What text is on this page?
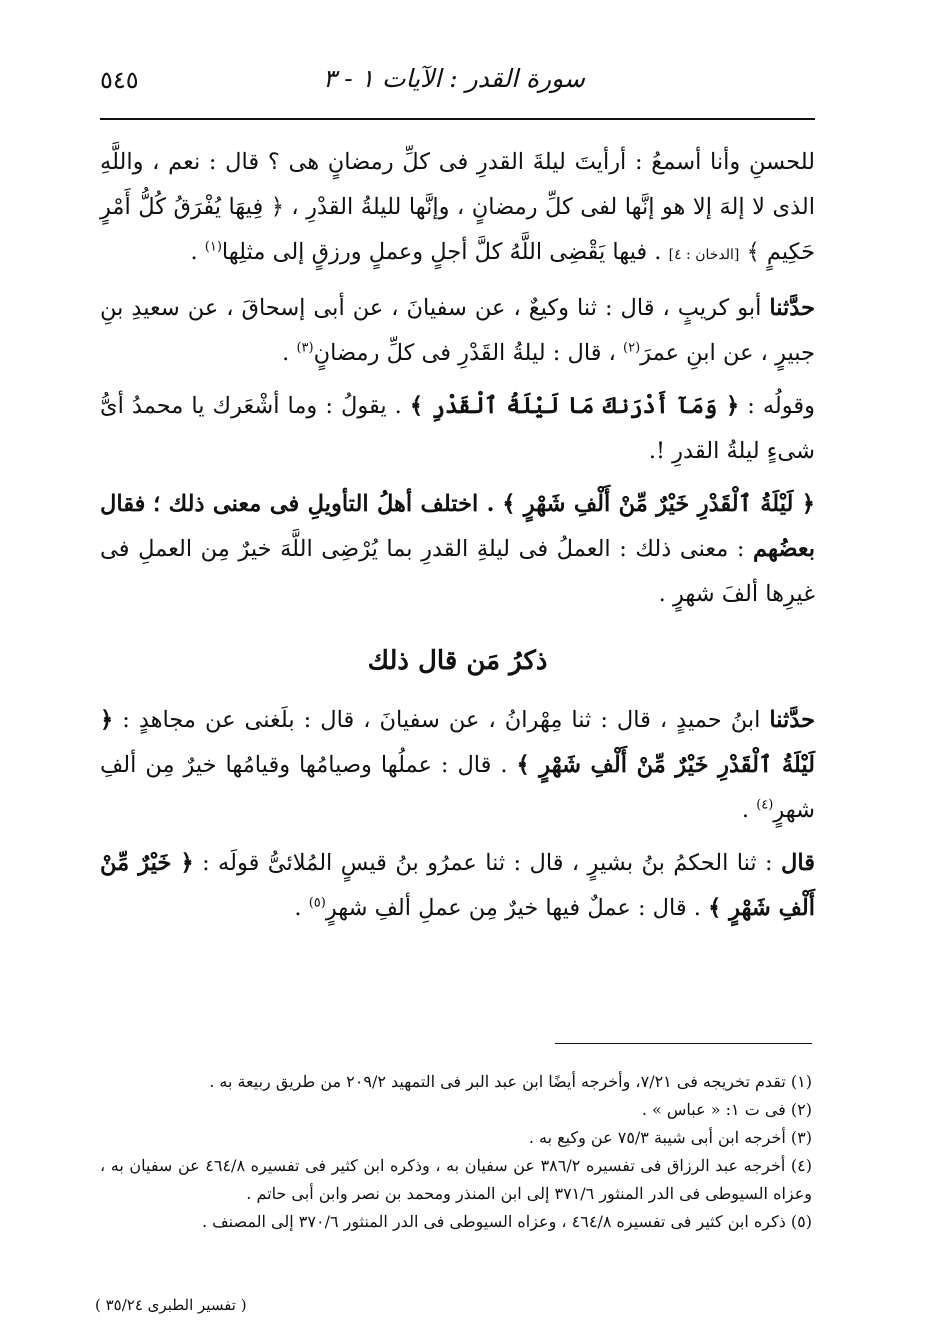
سورة القدر : الآيات ١ - ٣
٥٤٥

للحسنِ وأنا أسمعُ : أرأيتَ ليلةَ القدرِ فى كلِّ رمضانٍ هى ؟ قال : نعم ، واللَّهِ الذى لا إلهَ إلا هو إنَّها لفى كلِّ رمضانٍ ، وإنَّها لليلةُ القدْرِ ، ﴿ فِيهَا يُفْرَقُ كُلُّ أَمْرٍ حَكِيمٍ ﴾ [الدخان : ٤] . فيها يَقْضِى اللَّهُ كلَّ أجلٍ وعملٍ ورزقٍ إلى مثلِها$^{(١)}$ .

حدَّثنا أبو كريبٍ ، قال : ثنا وكيعٌ ، عن سفيانَ ، عن أبى إسحاقَ ، عن سعيدِ بنِ جبيرٍ ، عن ابنِ عمرَ$^{(٢)}$ ، قال : ليلةُ القَدْرِ فى كلِّ رمضانٍ$^{(٣)}$ .

وقولُه : ﴿ وَمَآ أَدْرَنكَ مَا لَيْلَةُ ٱلْقَدْرِ ﴾ . يقولُ : وما أشْعَرك يا محمدُ أىُّ شىءٍ ليلةُ القدرِ !.

﴿ لَيْلَةُ ٱلْقَدْرِ خَيْرٌ مِّنْ أَلْفِ شَهْرٍ ﴾ . اختلف أهلُ التأويلِ فى معنى ذلك ؛ فقال بعضُهم : معنى ذلك : العملُ فى ليلةِ القدرِ بما يُرْضِى اللَّهَ خيرٌ مِن العملِ فى غيرِها ألفَ شهرٍ .

ذكرُ مَن قال ذلك

حدَّثنا ابنُ حميدٍ ، قال : ثنا مِهْرانُ ، عن سفيانَ ، قال : بلَغنى عن مجاهدٍ : ﴿ لَيْلَةُ ٱلْقَدْرِ خَيْرٌ مِّنْ أَلْفِ شَهْرٍ ﴾ . قال : عملُها وصيامُها وقيامُها خيرٌ مِن ألفِ شهرٍ$^{(٤)}$ .

قال : ثنا الحكمُ بنُ بشيرٍ ، قال : ثنا عمرُو بنُ قيسٍ المُلائىُّ قولَه : ﴿ خَيْرٌ مِّنْ أَلْفِ شَهْرٍ ﴾ . قال : عملٌ فيها خيرٌ مِن عملِ ألفِ شهرٍ$^{(٥)}$ .

(١) تقدم تخريجه فى ٧/٢١، وأخرجه أيضًا ابن عبد البر فى التمهيد ٢٠٩/٢ من طريق ربيعة به .

(٢) فى ت ١: « عباس » .

(٣) أخرجه ابن أبى شيبة ٧٥/٣ عن وكيع به .

(٤) أخرجه عبد الرزاق فى تفسيره ٣٨٦/٢ عن سفيان به ، وذكره ابن كثير فى تفسيره ٤٦٤/٨ عن سفيان به ، وعزاه السيوطى فى الدر المنثور ٣٧١/٦ إلى ابن المنذر ومحمد بن نصر وابن أبى حاتم .

(٥) ذكره ابن كثير فى تفسيره ٤٦٤/٨ ، وعزاه السيوطى فى الدر المنثور ٣٧٠/٦ إلى المصنف .

( تفسير الطبرى ٣٥/٢٤ )
